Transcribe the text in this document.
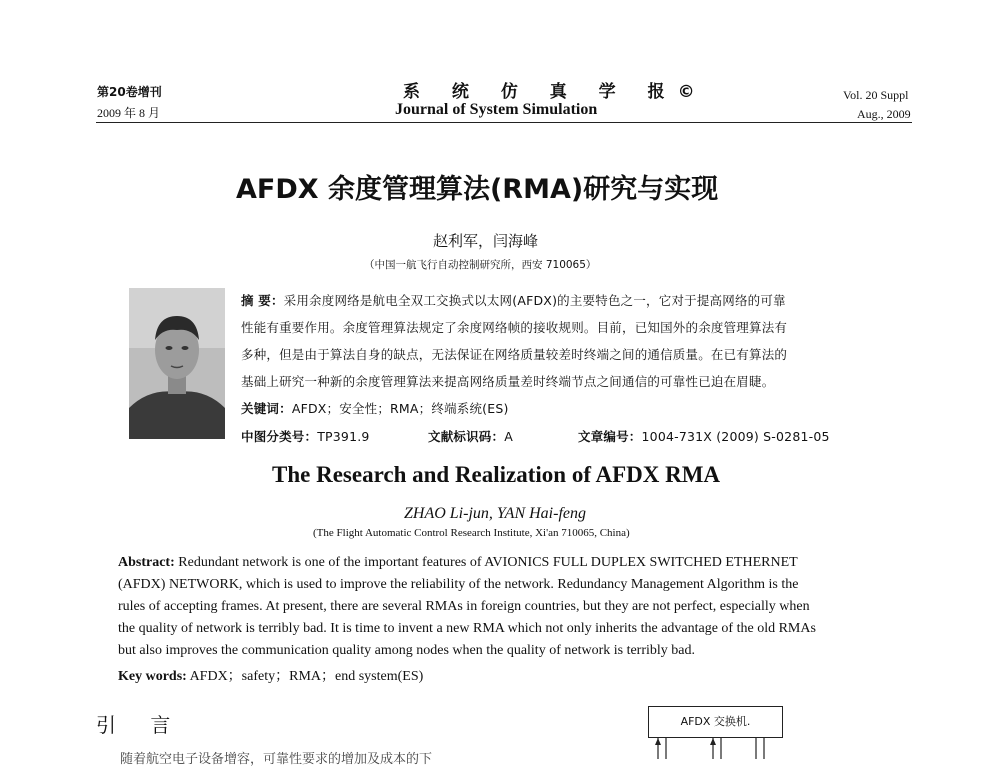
第20卷增刊
2009 年 8 月
系 统 仿 真 学 报©
Journal of System Simulation
Vol. 20 Suppl
Aug., 2009
AFDX 余度管理算法(RMA)研究与实现
赵利军，闫海峰
（中国一航飞行自动控制研究所，西安 710065）
摘 要：采用余度网络是航电全双工交换式以太网(AFDX)的主要特色之一，它对于提高网络的可靠
性能有重要作用。余度管理算法规定了余度网络帧的接收规则。目前，已知国外的余度管理算法有
多种，但是由于算法自身的缺点，无法保证在网络质量较差时终端之间的通信质量。在已有算法的
基础上研究一种新的余度管理算法来提高网络质量差时终端节点之间通信的可靠性已迫在眉睫。
关键词：AFDX；安全性；RMA；终端系统(ES)
中图分类号：TP391.9	文献标识码：A	文章编号：1004-731X (2009) S-0281-05
The Research and Realization of AFDX RMA
ZHAO Li-jun, YAN Hai-feng
(The Flight Automatic Control Research Institute, Xi'an 710065, China)
Abstract: Redundant network is one of the important features of AVIONICS FULL DUPLEX SWITCHED ETHERNET
(AFDX) NETWORK, which is used to improve the reliability of the network. Redundancy Management Algorithm is the
rules of accepting frames. At present, there are several RMAs in foreign countries, but they are not perfect, especially when
the quality of network is terribly bad. It is time to invent a new RMA which not only inherits the advantage of the old RMAs
but also improves the communication quality among nodes when the quality of network is terribly bad.
Key words: AFDX；safety；RMA；end system(ES)
引 言
随着航空电子设备增容，可靠性要求的增加及成本的下
AFDX 交换机.
